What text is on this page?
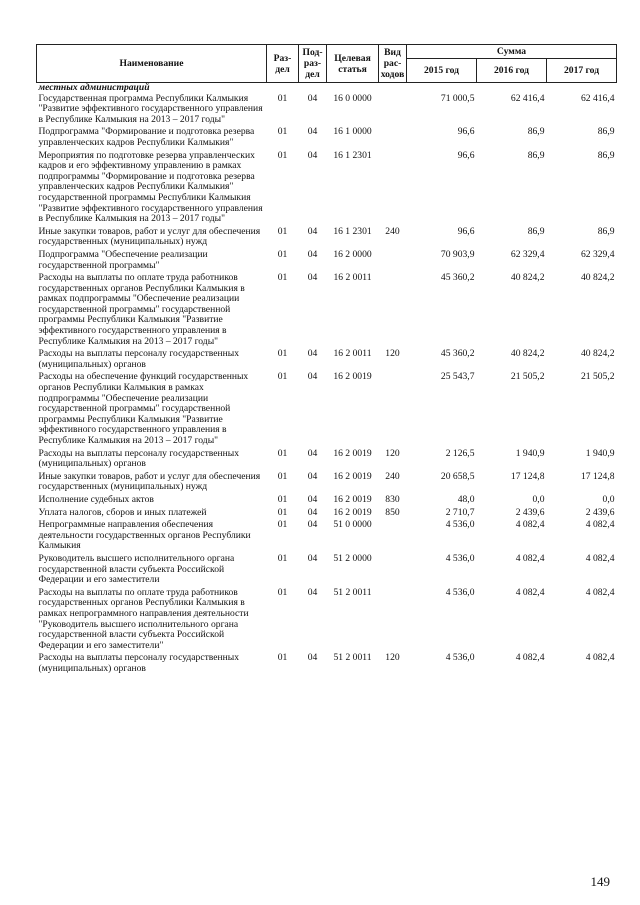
Наименование	Раз-дел	Под-раз-дел	Целевая статья	Вид рас-ходов	Сумма		
					2015 год	2016 год	2017 год
местных администраций							
Государственная программа Республики Калмыкия "Развитие эффективного государственного управления в Республике Калмыкия на 2013 – 2017 годы"	01	04	16 0 0000		71 000,5	62 416,4	62 416,4
Подпрограмма "Формирование и подготовка резерва управленческих кадров Республики Калмыкия"	01	04	16 1 0000		96,6	86,9	86,9
Мероприятия по подготовке резерва управленческих кадров и его эффективному управлению в рамках подпрограммы "Формирование и подготовка резерва управленческих кадров Республики Калмыкия" государственной программы Республики Калмыкия "Развитие эффективного государственного управления в Республике Калмыкия на 2013 – 2017 годы"	01	04	16 1 2301		96,6	86,9	86,9
Иные закупки товаров, работ и услуг для обеспечения государственных (муниципальных) нужд	01	04	16 1 2301	240	96,6	86,9	86,9
Подпрограмма "Обеспечение реализации государственной программы"	01	04	16 2 0000		70 903,9	62 329,4	62 329,4
Расходы на выплаты по оплате труда работников государственных органов Республики Калмыкия в рамках подпрограммы "Обеспечение реализации государственной программы" государственной программы Республики Калмыкия "Развитие эффективного государственного управления в Республике Калмыкия на 2013 – 2017 годы"	01	04	16 2 0011		45 360,2	40 824,2	40 824,2
Расходы на выплаты персоналу государственных (муниципальных) органов	01	04	16 2 0011	120	45 360,2	40 824,2	40 824,2
Расходы на обеспечение функций государственных органов Республики Калмыкия в рамках подпрограммы "Обеспечение реализации государственной программы" государственной программы Республики Калмыкия "Развитие эффективного государственного управления в Республике Калмыкия на 2013 – 2017 годы"	01	04	16 2 0019		25 543,7	21 505,2	21 505,2
Расходы на выплаты персоналу государственных (муниципальных) органов	01	04	16 2 0019	120	2 126,5	1 940,9	1 940,9
Иные закупки товаров, работ и услуг для обеспечения государственных (муниципальных) нужд	01	04	16 2 0019	240	20 658,5	17 124,8	17 124,8
Исполнение судебных актов	01	04	16 2 0019	830	48,0	0,0	0,0
Уплата налогов, сборов и иных платежей	01	04	16 2 0019	850	2 710,7	2 439,6	2 439,6
Непрограммные направления обеспечения деятельности государственных органов Республики Калмыкия	01	04	51 0 0000		4 536,0	4 082,4	4 082,4
Руководитель высшего исполнительного органа государственной власти субъекта Российской Федерации и его заместители	01	04	51 2 0000		4 536,0	4 082,4	4 082,4
Расходы на выплаты по оплате труда работников государственных органов Республики Калмыкия в рамках непрограммного направления деятельности "Руководитель высшего исполнительного органа государственной власти субъекта Российской Федерации и его заместители"	01	04	51 2 0011		4 536,0	4 082,4	4 082,4
Расходы на выплаты персоналу государственных (муниципальных) органов	01	04	51 2 0011	120	4 536,0	4 082,4	4 082,4
149
